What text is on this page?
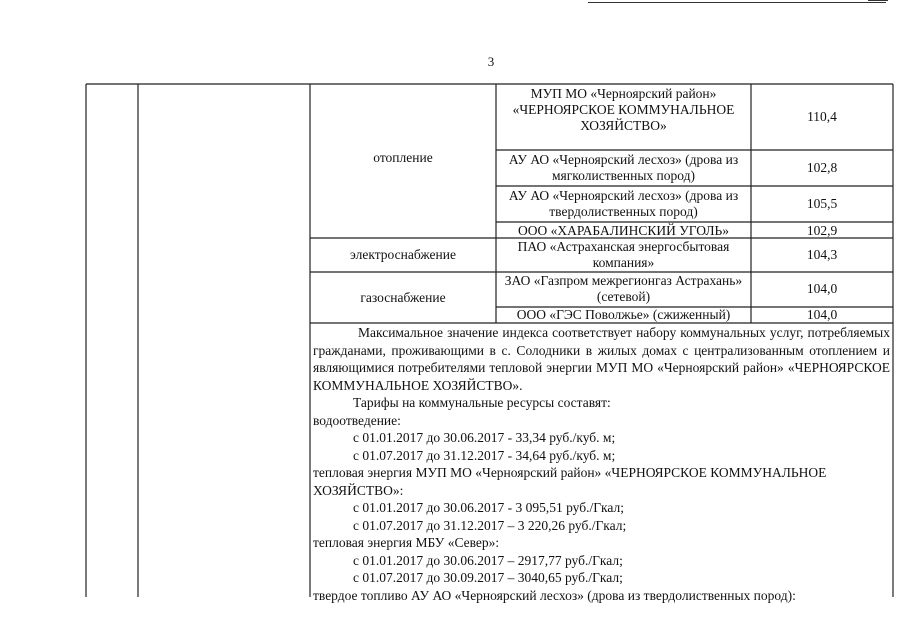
3
отопление
электроснабжение
газоснабжение
МУП МО «Черноярский район» «ЧЕРНОЯРСКОЕ КОММУНАЛЬНОЕ ХОЗЯЙСТВО»
АУ АО «Черноярский лесхоз» (дрова из мягколиственных пород)
АУ АО «Черноярский лесхоз» (дрова из твердолиственных пород)
ООО «ХАРАБАЛИНСКИЙ УГОЛЬ»
ПАО «Астраханская энергосбытовая компания»
ЗАО «Газпром межрегионгаз Астрахань» (сетевой)
ООО «ГЭС Поволжье» (сжиженный)
110,4
102,8
105,5
102,9
104,3
104,0
104,0

Максимальное значение индекса соответствует набору коммунальных услуг, потребляемых гражданами, проживающими в с. Солодники в жилых домах с централизованным отоплением и являющимися потребителями тепловой энергии МУП МО «Черноярский район» «ЧЕРНОЯРСКОЕ КОММУНАЛЬНОЕ ХОЗЯЙСТВО».

Тарифы на коммунальные ресурсы составят:

водоотведение:

с 01.01.2017 до 30.06.2017 - 33,34 руб./куб. м;

с 01.07.2017 до 31.12.2017 - 34,64 руб./куб. м;

тепловая энергия МУП МО «Черноярский район» «ЧЕРНОЯРСКОЕ КОММУНАЛЬНОЕ ХОЗЯЙСТВО»:

с 01.01.2017 до 30.06.2017 - 3 095,51 руб./Гкал;

с 01.07.2017 до 31.12.2017 – 3 220,26 руб./Гкал;

тепловая энергия МБУ «Север»:

с 01.01.2017 до 30.06.2017 – 2917,77 руб./Гкал;

с 01.07.2017 до 30.09.2017 – 3040,65 руб./Гкал;

твердое топливо АУ АО «Черноярский лесхоз» (дрова из твердолиственных пород):
